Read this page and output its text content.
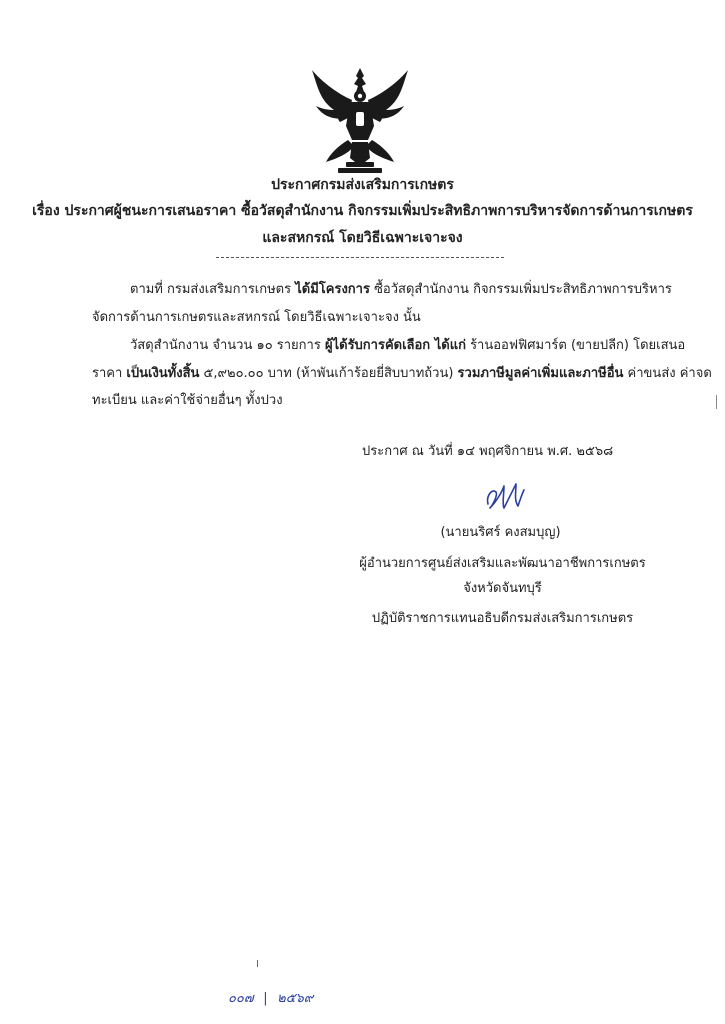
ประกาศกรมส่งเสริมการเกษตร
เรื่อง ประกาศผู้ชนะการเสนอราคา ซื้อวัสดุสำนักงาน กิจกรรมเพิ่มประสิทธิภาพการบริหารจัดการด้านการเกษตร
และสหกรณ์ โดยวิธีเฉพาะเจาะจง
ตามที่ กรมส่งเสริมการเกษตร ได้มีโครงการ ซื้อวัสดุสำนักงาน กิจกรรมเพิ่มประสิทธิภาพการบริหาร
จัดการด้านการเกษตรและสหกรณ์ โดยวิธีเฉพาะเจาะจง นั้น
วัสดุสำนักงาน จำนวน ๑๐ รายการ ผู้ได้รับการคัดเลือก ได้แก่ ร้านออฟฟิศมาร์ต (ขายปลีก) โดยเสนอ
ราคา เป็นเงินทั้งสิ้น ๕,๙๒๐.๐๐ บาท (ห้าพันเก้าร้อยยี่สิบบาทถ้วน) รวมภาษีมูลค่าเพิ่มและภาษีอื่น ค่าขนส่ง ค่าจด
ทะเบียน และค่าใช้จ่ายอื่นๆ ทั้งปวง
ประกาศ ณ วันที่ ๑๔ พฤศจิกายน พ.ศ. ๒๕๖๘
(นายนริศร์ คงสมบุญ)
ผู้อำนวยการศูนย์ส่งเสริมและพัฒนาอาชีพการเกษตร
จังหวัดจันทบุรี
ปฏิบัติราชการแทนอธิบดีกรมส่งเสริมการเกษตร
๐๐๗ | ๒๕๖๙
